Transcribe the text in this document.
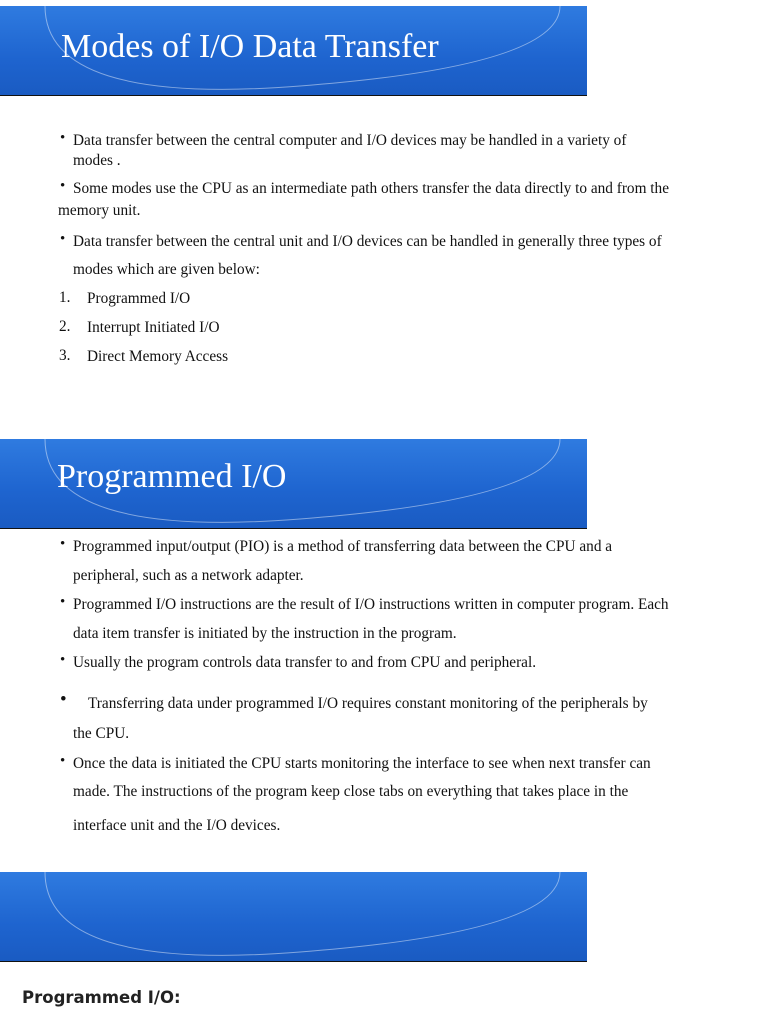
Modes of I/O Data Transfer
• Data transfer between the central computer and I/O devices may be handled in a variety of
modes .
• Some modes use the CPU as an intermediate path others transfer the data directly to and from the
memory unit.
• Data transfer between the central unit and I/O devices can be handled in generally three types of
modes which are given below:
1. Programmed I/O
2. Interrupt Initiated I/O
3. Direct Memory Access
Programmed I/O
• Programmed input/output (PIO) is a method of transferring data between the CPU and a
peripheral, such as a network adapter.
• Programmed I/O instructions are the result of I/O instructions written in computer program. Each
data item transfer is initiated by the instruction in the program.
• Usually the program controls data transfer to and from CPU and peripheral.
• Transferring data under programmed I/O requires constant monitoring of the peripherals by
the CPU.
• Once the data is initiated the CPU starts monitoring the interface to see when next transfer can
made. The instructions of the program keep close tabs on everything that takes place in the
interface unit and the I/O devices.
Programmed I/O:
